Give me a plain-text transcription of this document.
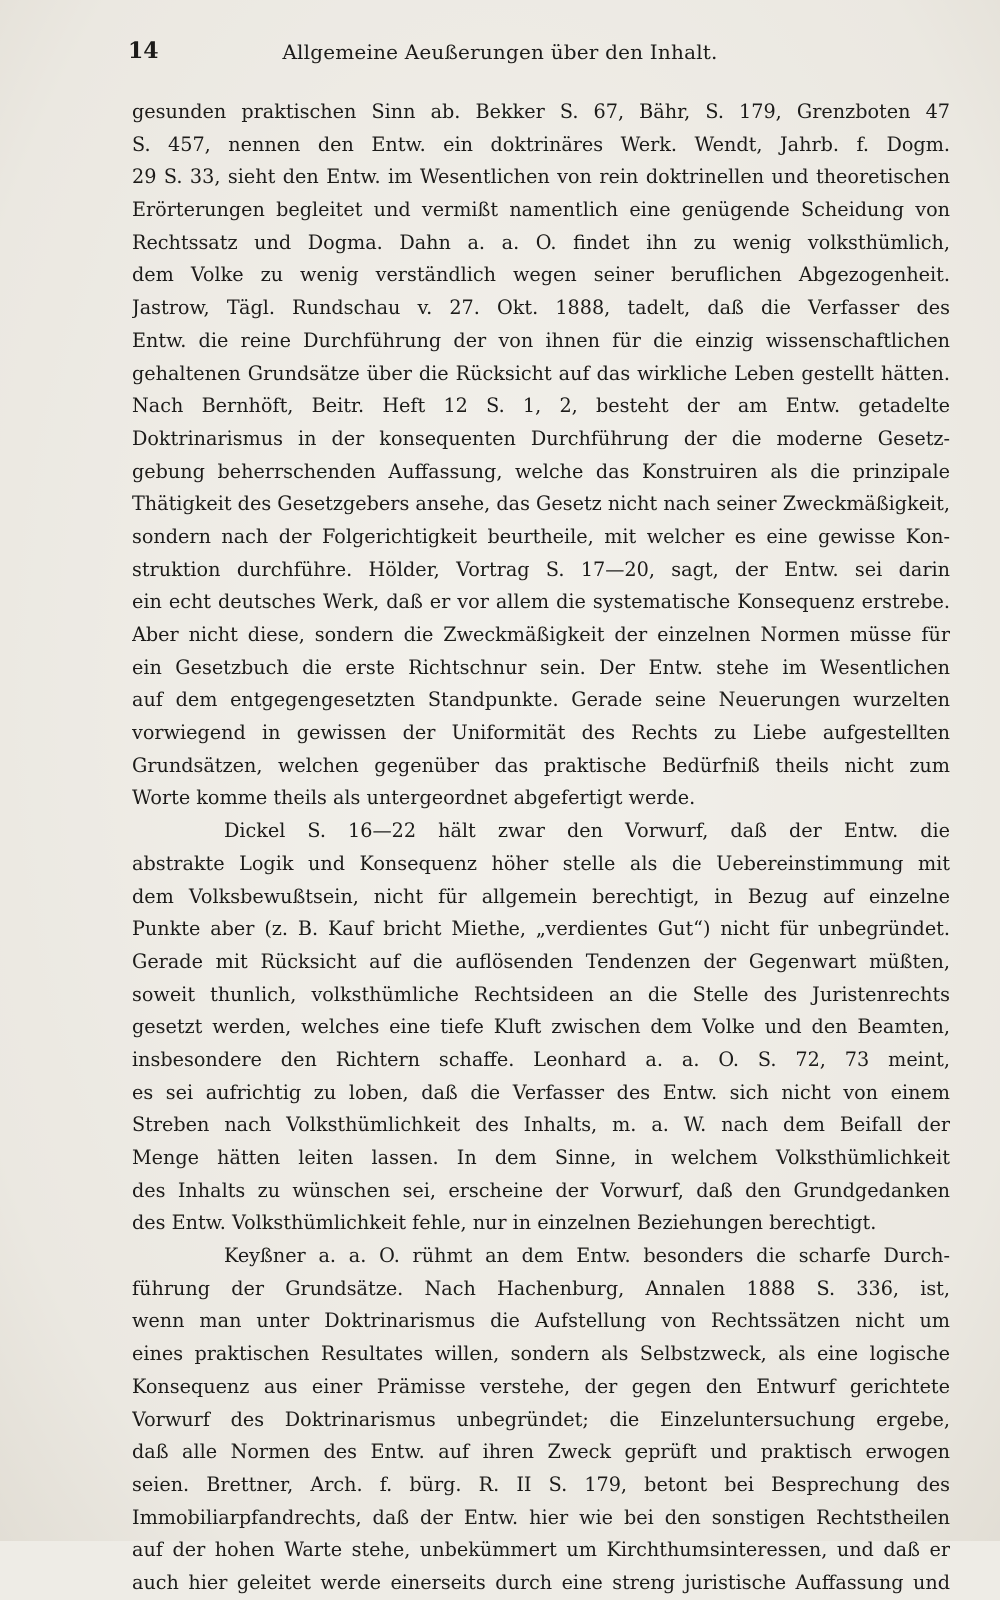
14	Allgemeine Aeußerungen über den Inhalt.
gesunden praktischen Sinn ab. Bekker S. 67, Bähr, S. 179, Grenzboten 47
S. 457, nennen den Entw. ein doktrinäres Werk. Wendt, Jahrb. f. Dogm.
29 S. 33, sieht den Entw. im Wesentlichen von rein doktrinellen und theoretischen
Erörterungen begleitet und vermißt namentlich eine genügende Scheidung von
Rechtssatz und Dogma. Dahn a. a. O. findet ihn zu wenig volksthümlich,
dem Volke zu wenig verständlich wegen seiner beruflichen Abgezogenheit.
Jastrow, Tägl. Rundschau v. 27. Okt. 1888, tadelt, daß die Verfasser des
Entw. die reine Durchführung der von ihnen für die einzig wissenschaftlichen
gehaltenen Grundsätze über die Rücksicht auf das wirkliche Leben gestellt hätten.
Nach Bernhöft, Beitr. Heft 12 S. 1, 2, besteht der am Entw. getadelte
Doktrinarismus in der konsequenten Durchführung der die moderne Gesetz-
gebung beherrschenden Auffassung, welche das Konstruiren als die prinzipale
Thätigkeit des Gesetzgebers ansehe, das Gesetz nicht nach seiner Zweckmäßigkeit,
sondern nach der Folgerichtigkeit beurtheile, mit welcher es eine gewisse Kon-
struktion durchführe. Hölder, Vortrag S. 17—20, sagt, der Entw. sei darin
ein echt deutsches Werk, daß er vor allem die systematische Konsequenz erstrebe.
Aber nicht diese, sondern die Zweckmäßigkeit der einzelnen Normen müsse für
ein Gesetzbuch die erste Richtschnur sein. Der Entw. stehe im Wesentlichen
auf dem entgegengesetzten Standpunkte. Gerade seine Neuerungen wurzelten
vorwiegend in gewissen der Uniformität des Rechts zu Liebe aufgestellten
Grundsätzen, welchen gegenüber das praktische Bedürfniß theils nicht zum
Worte komme theils als untergeordnet abgefertigt werde.
Dickel S. 16—22 hält zwar den Vorwurf, daß der Entw. die
abstrakte Logik und Konsequenz höher stelle als die Uebereinstimmung mit
dem Volksbewußtsein, nicht für allgemein berechtigt, in Bezug auf einzelne
Punkte aber (z. B. Kauf bricht Miethe, „verdientes Gut“) nicht für unbegründet.
Gerade mit Rücksicht auf die auflösenden Tendenzen der Gegenwart müßten,
soweit thunlich, volksthümliche Rechtsideen an die Stelle des Juristenrechts
gesetzt werden, welches eine tiefe Kluft zwischen dem Volke und den Beamten,
insbesondere den Richtern schaffe. Leonhard a. a. O. S. 72, 73 meint,
es sei aufrichtig zu loben, daß die Verfasser des Entw. sich nicht von einem
Streben nach Volksthümlichkeit des Inhalts, m. a. W. nach dem Beifall der
Menge hätten leiten lassen. In dem Sinne, in welchem Volksthümlichkeit
des Inhalts zu wünschen sei, erscheine der Vorwurf, daß den Grundgedanken
des Entw. Volksthümlichkeit fehle, nur in einzelnen Beziehungen berechtigt.
Keyßner a. a. O. rühmt an dem Entw. besonders die scharfe Durch-
führung der Grundsätze. Nach Hachenburg, Annalen 1888 S. 336, ist,
wenn man unter Doktrinarismus die Aufstellung von Rechtssätzen nicht um
eines praktischen Resultates willen, sondern als Selbstzweck, als eine logische
Konsequenz aus einer Prämisse verstehe, der gegen den Entwurf gerichtete
Vorwurf des Doktrinarismus unbegründet; die Einzeluntersuchung ergebe,
daß alle Normen des Entw. auf ihren Zweck geprüft und praktisch erwogen
seien. Brettner, Arch. f. bürg. R. II S. 179, betont bei Besprechung des
Immobiliarpfandrechts, daß der Entw. hier wie bei den sonstigen Rechtstheilen
auf der hohen Warte stehe, unbekümmert um Kirchthumsinteressen, und daß er
auch hier geleitet werde einerseits durch eine streng juristische Auffassung und
